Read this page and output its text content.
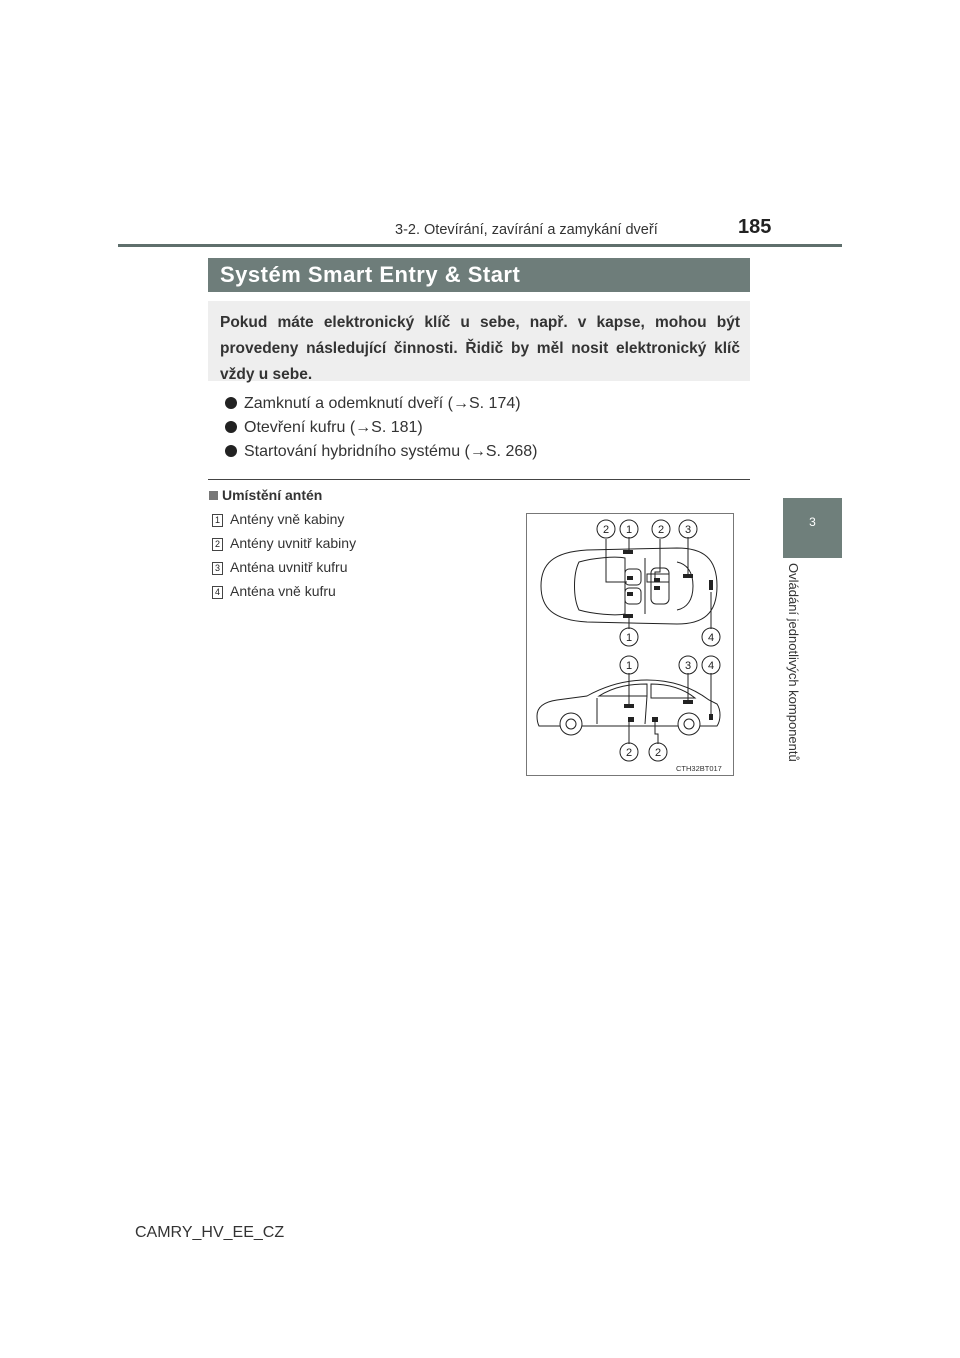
3-2. Otevírání, zavírání a zamykání dveří	185
3
Ovládání jednotlivých komponentů
Systém Smart Entry & Start

Pokud máte elektronický klíč u sebe, např. v kapse, mohou být provedeny následující činnosti. Řidič by měl nosit elektronický klíč vždy u sebe.

Zamknutí a odemknutí dveří (→S. 174)
Otevření kufru (→S. 181)
Startování hybridního systému (→S. 268)
Umístění antén
1 Antény vně kabiny
2 Antény uvnitř kabiny
3 Anténa uvnitř kufru
4 Anténa vně kufru
2 1 2 3
1	4
1	3 4
2 2
CTH32BT017
CAMRY_HV_EE_CZ
